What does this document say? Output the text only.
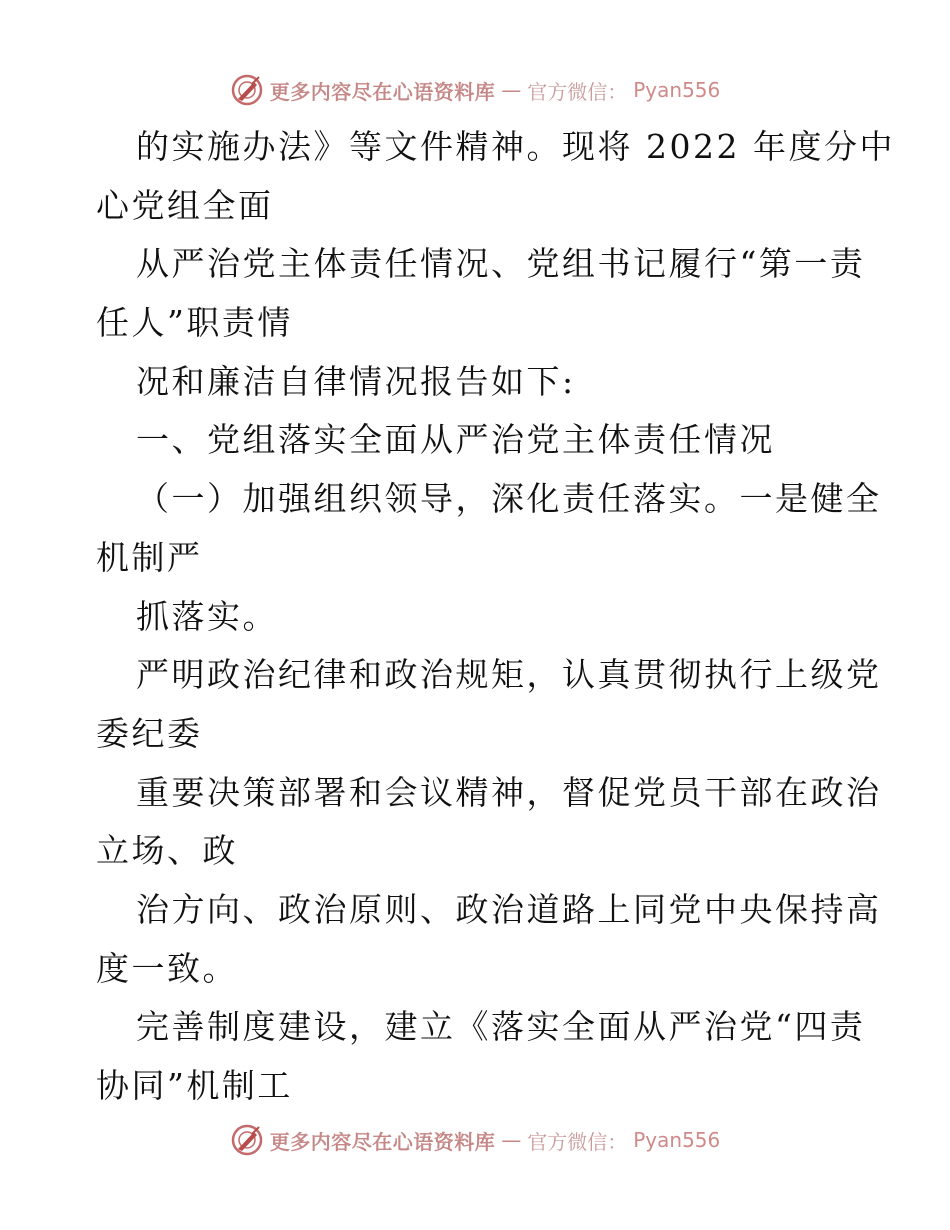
更多内容尽在心语资料库 — 官方微信： Pyan556
的实施办法》等文件精神。现将 2022 年度分中
心党组全面
从严治党主体责任情况、党组书记履行“第一责
任人”职责情
况和廉洁自律情况报告如下:
一、党组落实全面从严治党主体责任情况
（一）加强组织领导，深化责任落实。一是健全
机制严
抓落实。
严明政治纪律和政治规矩，认真贯彻执行上级党
委纪委
重要决策部署和会议精神，督促党员干部在政治
立场、政
治方向、政治原则、政治道路上同党中央保持高
度一致。
完善制度建设，建立《落实全面从严治党“四责
协同”机制工
更多内容尽在心语资料库 — 官方微信： Pyan556
